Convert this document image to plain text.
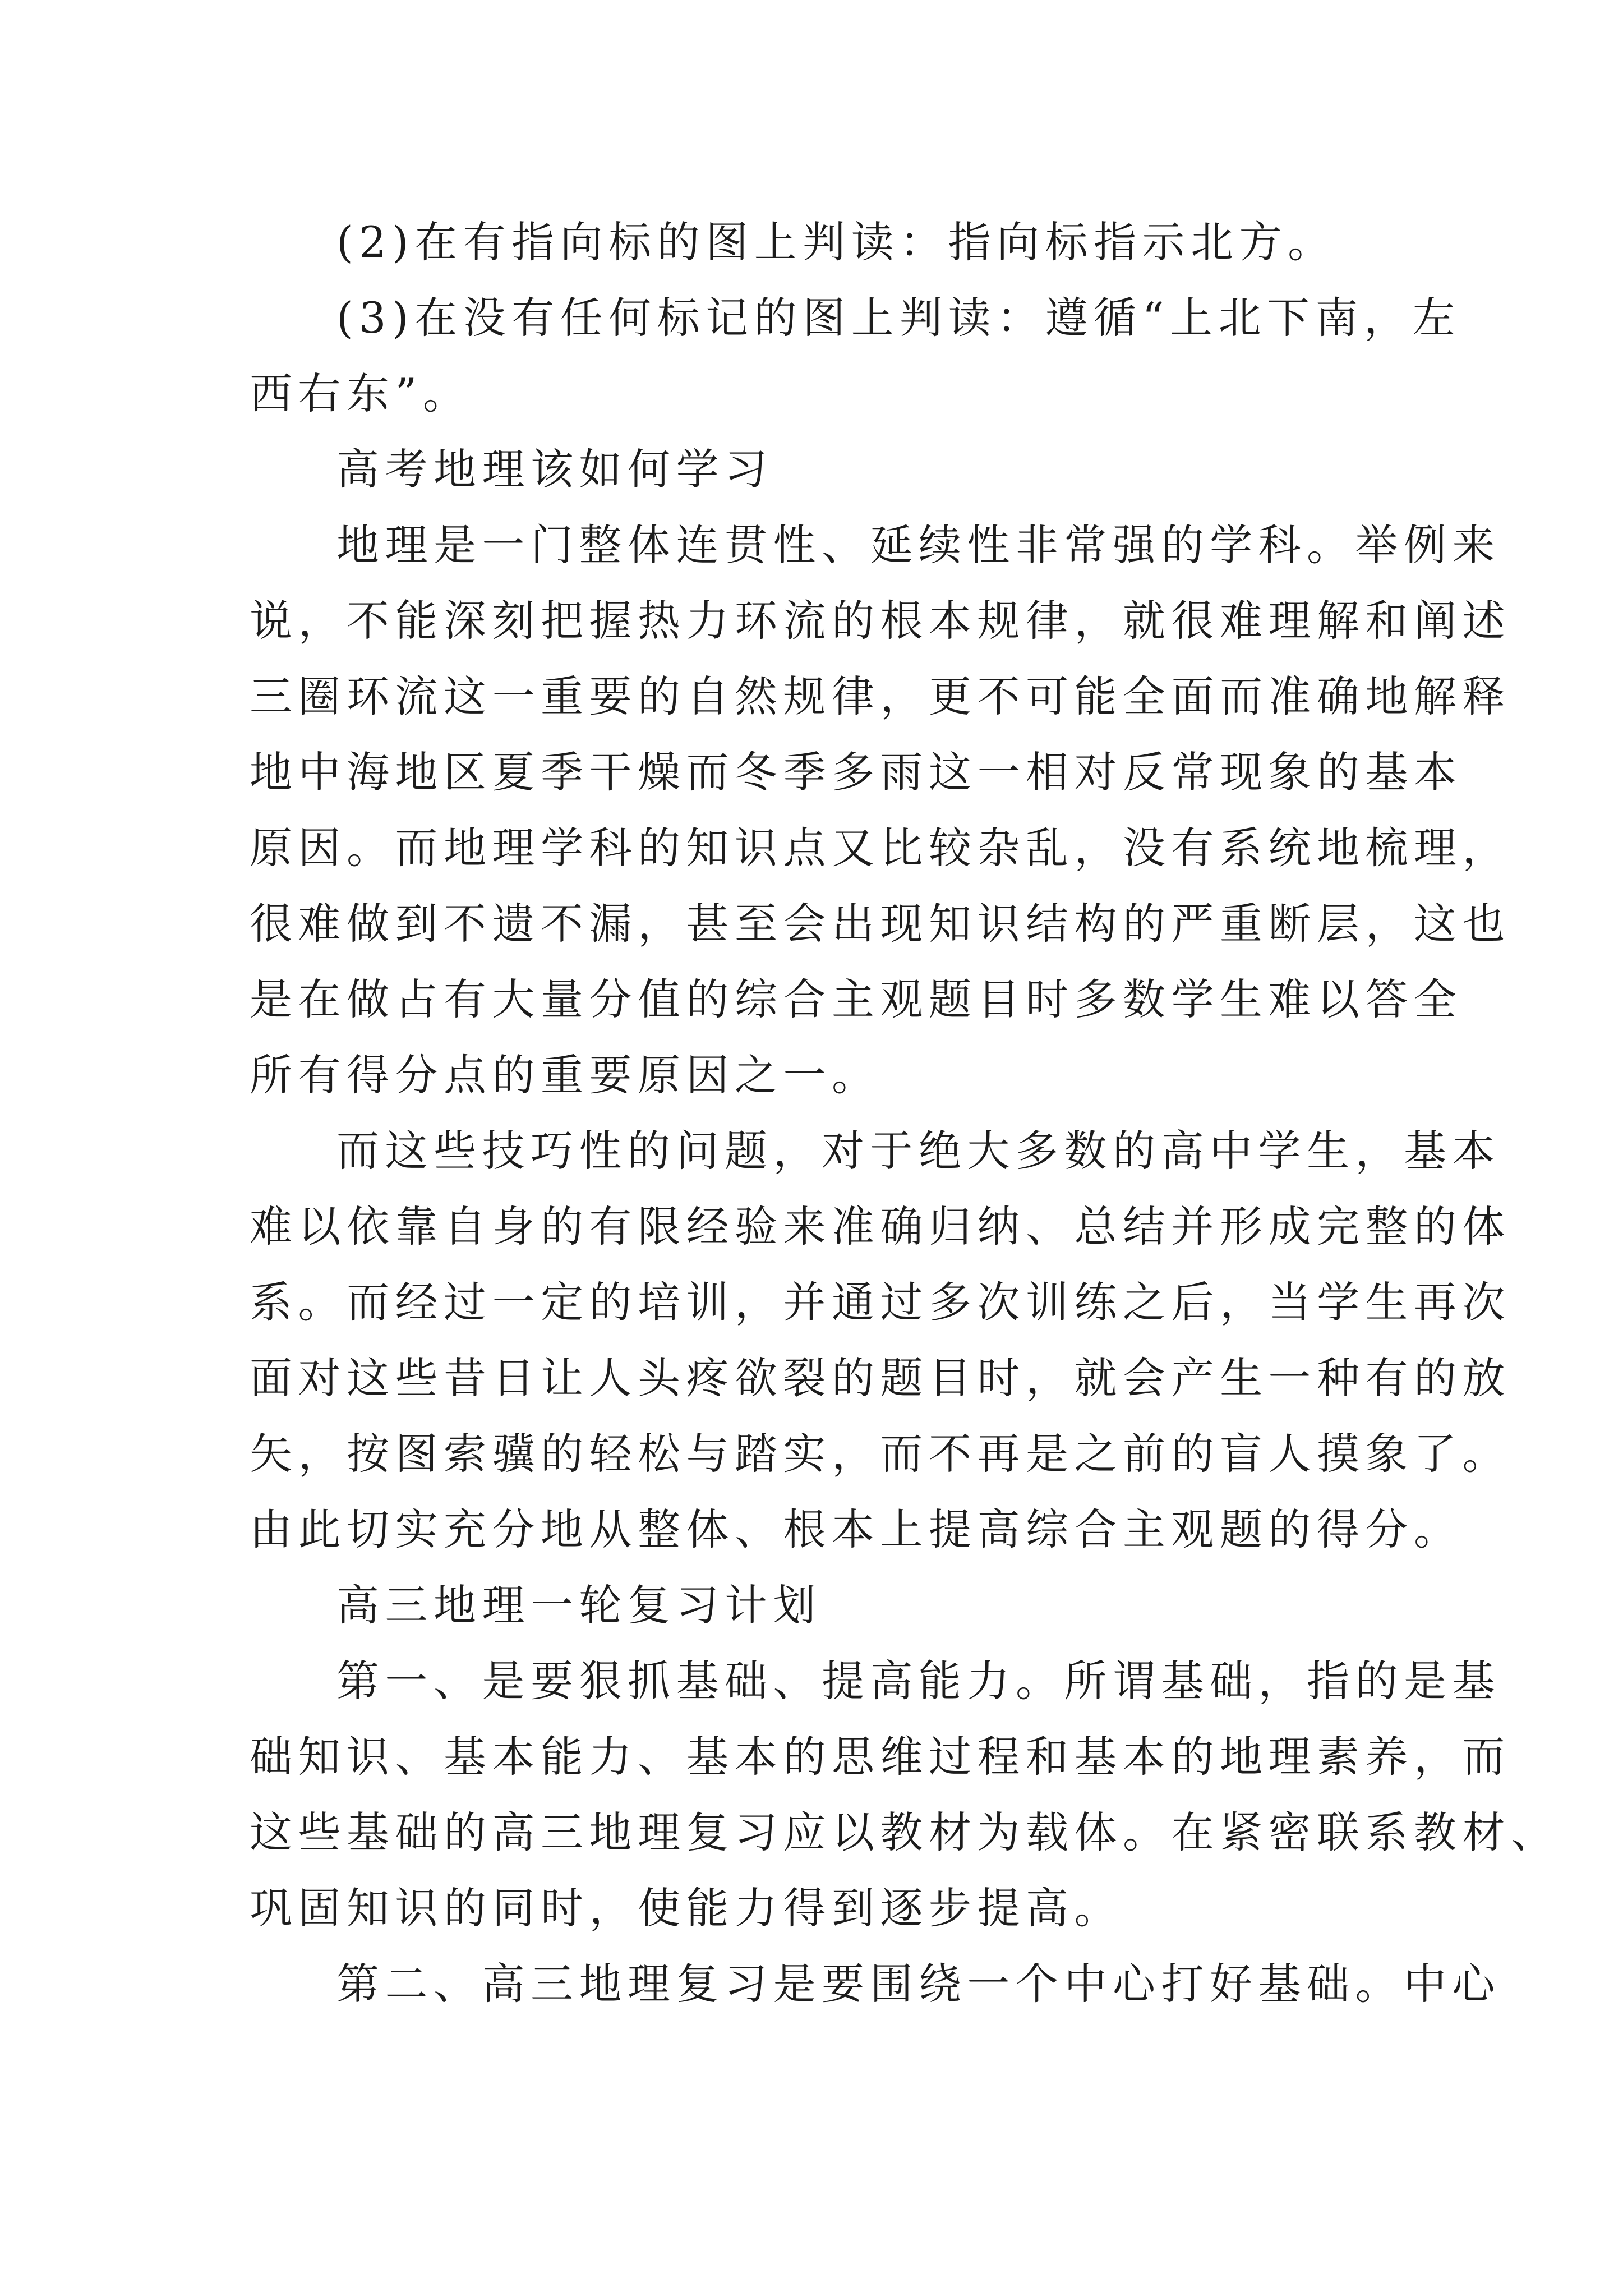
(2)在有指向标的图上判读：指向标指示北方。

(3)在没有任何标记的图上判读：遵循“上北下南，左

西右东”。

高考地理该如何学习

地理是一门整体连贯性、延续性非常强的学科。举例来

说，不能深刻把握热力环流的根本规律，就很难理解和阐述

三圈环流这一重要的自然规律，更不可能全面而准确地解释

地中海地区夏季干燥而冬季多雨这一相对反常现象的基本

原因。而地理学科的知识点又比较杂乱，没有系统地梳理，

很难做到不遗不漏，甚至会出现知识结构的严重断层，这也

是在做占有大量分值的综合主观题目时多数学生难以答全

所有得分点的重要原因之一。

而这些技巧性的问题，对于绝大多数的高中学生，基本

难以依靠自身的有限经验来准确归纳、总结并形成完整的体

系。而经过一定的培训，并通过多次训练之后，当学生再次

面对这些昔日让人头疼欲裂的题目时，就会产生一种有的放

矢，按图索骥的轻松与踏实，而不再是之前的盲人摸象了。

由此切实充分地从整体、根本上提高综合主观题的得分。

高三地理一轮复习计划

第一、是要狠抓基础、提高能力。所谓基础，指的是基

础知识、基本能力、基本的思维过程和基本的地理素养，而

这些基础的高三地理复习应以教材为载体。在紧密联系教材、

巩固知识的同时，使能力得到逐步提高。

第二、高三地理复习是要围绕一个中心打好基础。中心
